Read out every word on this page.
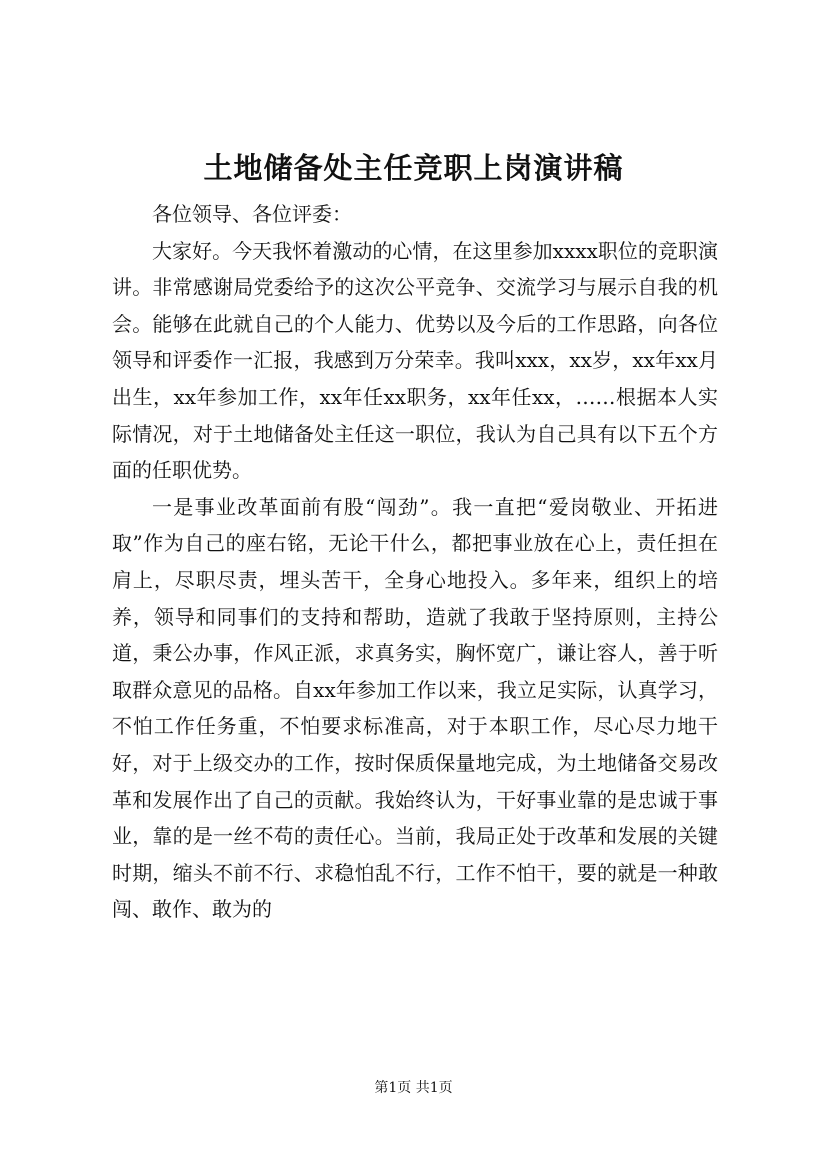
土地储备处主任竞职上岗演讲稿

各位领导、各位评委：

大家好。今天我怀着激动的心情，在这里参加xxxx职位的竞职演讲。非常感谢局党委给予的这次公平竞争、交流学习与展示自我的机会。能够在此就自己的个人能力、优势以及今后的工作思路，向各位领导和评委作一汇报，我感到万分荣幸。我叫xxx，xx岁，xx年xx月出生，xx年参加工作，xx年任xx职务，xx年任xx，……根据本人实际情况，对于土地储备处主任这一职位，我认为自己具有以下五个方面的任职优势。

一是事业改革面前有股“闯劲”。我一直把“爱岗敬业、开拓进取”作为自己的座右铭，无论干什么，都把事业放在心上，责任担在肩上，尽职尽责，埋头苦干，全身心地投入。多年来，组织上的培养，领导和同事们的支持和帮助，造就了我敢于坚持原则，主持公道，秉公办事，作风正派，求真务实，胸怀宽广，谦让容人，善于听取群众意见的品格。自xx年参加工作以来，我立足实际，认真学习，不怕工作任务重，不怕要求标准高，对于本职工作，尽心尽力地干好，对于上级交办的工作，按时保质保量地完成，为土地储备交易改革和发展作出了自己的贡献。我始终认为，干好事业靠的是忠诚于事业，靠的是一丝不苟的责任心。当前，我局正处于改革和发展的关键时期，缩头不前不行、求稳怕乱不行，工作不怕干，要的就是一种敢闯、敢作、敢为的

第1页 共1页
